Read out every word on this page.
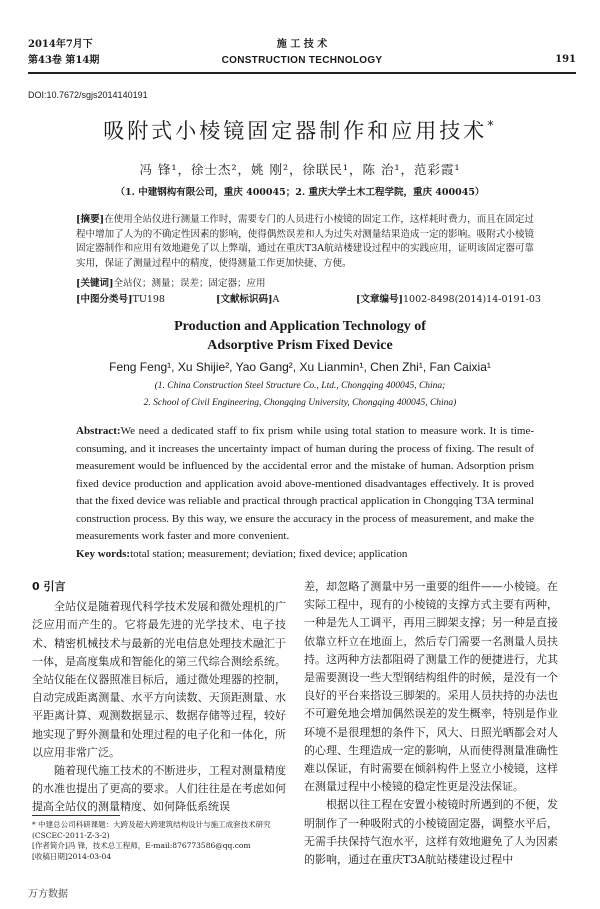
2014年7月下	施 工 技 术
第43卷 第14期	CONSTRUCTION TECHNOLOGY	191
DOI:10.7672/sgjs2014140191
吸附式小棱镜固定器制作和应用技术*
冯 锋¹，徐士杰²，姚 刚²，徐联民¹，陈 治¹，范彩霞¹
（1. 中建钢构有限公司，重庆 400045；2. 重庆大学土木工程学院，重庆 400045）
[摘要]在使用全站仪进行测量工作时，需要专门的人员进行小棱镜的固定工作，这样耗时费力，而且在固定过程中增加了人为的不确定性因素的影响，使得偶然误差和人为过失对测量结果造成一定的影响。吸附式小棱镜固定器制作和应用有效地避免了以上弊端，通过在重庆T3A航站楼建设过程中的实践应用，证明该固定器可靠实用，保证了测量过程中的精度，使得测量工作更加快捷、方便。
[关键词]全站仪；测量；误差；固定器；应用
[中图分类号]TU198	[文献标识码]A	[文章编号]1002-8498(2014)14-0191-03
Production and Application Technology of
Adsorptive Prism Fixed Device
Feng Feng¹, Xu Shijie², Yao Gang², Xu Lianmin¹, Chen Zhi¹, Fan Caixia¹
(1. China Construction Steel Structure Co., Ltd., Chongqing 400045, China;
2. School of Civil Engineering, Chongqing University, Chongqing 400045, China)
Abstract:We need a dedicated staff to fix prism while using total station to measure work. It is time-consuming, and it increases the uncertainty impact of human during the process of fixing. The result of measurement would be influenced by the accidental error and the mistake of human. Adsorption prism fixed device production and application avoid above-mentioned disadvantages effectively. It is proved that the fixed device was reliable and practical through practical application in Chongqing T3A terminal construction process. By this way, we ensure the accuracy in the process of measurement, and make the measurements work faster and more convenient.
Key words:total station; measurement; deviation; fixed device; application
0 引言

全站仪是随着现代科学技术发展和微处理机的广泛应用而产生的。它将最先进的光学技术、电子技术、精密机械技术与最新的光电信息处理技术融汇于一体，是高度集成和智能化的第三代综合测绘系统。全站仪能在仪器照准目标后，通过微处理器的控制，自动完成距离测量、水平方向读数、天顶距测量、水平距离计算、观测数据显示、数据存储等过程，较好地实现了野外测量和处理过程的电子化和一体化，所以应用非常广泛。

随着现代施工技术的不断进步，工程对测量精度的水准也提出了更高的要求。人们往往是在考虑如何提高全站仪的测量精度、如何降低系统误

差，却忽略了测量中另一重要的组件——小棱镜。在实际工程中，现有的小棱镜的支撑方式主要有两种，一种是先人工调平，再用三脚架支撑；另一种是直接依靠立杆立在地面上，然后专门需要一名测量人员扶持。这两种方法都阻碍了测量工作的便捷进行，尤其是需要测设一些大型钢结构组件的时候，是没有一个良好的平台来搭设三脚架的。采用人员扶持的办法也不可避免地会增加偶然误差的发生概率，特别是作业环境不是很理想的条件下，风大、日照光晒都会对人的心理、生理造成一定的影响，从而使得测量准确性难以保证，有时需要在倾斜构件上竖立小棱镜，这样在测量过程中小棱镜的稳定性更是没法保证。

根据以往工程在安置小棱镜时所遇到的不便，发明制作了一种吸附式的小棱镜固定器，调整水平后，无需手扶保持气泡水平，这样有效地避免了人为因素的影响，通过在重庆T3A航站楼建设过程中

* 中建总公司科研课题：大跨及超大跨建筑结构设计与施工成套技术研究(CSCEC-2011-Z-3-2)
[作者简介]冯 锋，技术总工程师，E-mail:876773586@qq.com
[收稿日期]2014-03-04
万方数据
